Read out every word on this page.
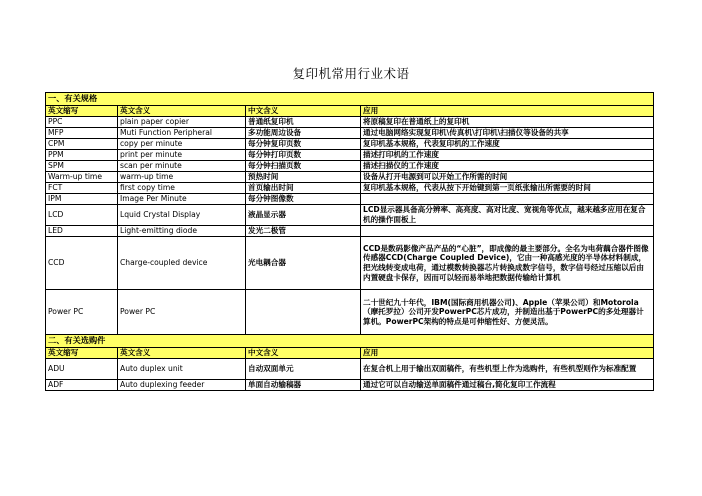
复印机常用行业术语
一、有关规格			
英文缩写	英文含义	中文含义	应用
PPC	plain paper copier	普通纸复印机	将原稿复印在普通纸上的复印机
MFP	Muti Function Peripheral	多功能周边设备	通过电脑网络实现复印机\传真机\打印机\扫描仪等设备的共享
CPM	copy per minute	每分钟复印页数	复印机基本规格，代表复印机的工作速度
PPM	print per minute	每分钟打印页数	描述打印机的工作速度
SPM	scan per minute	每分钟扫描页数	描述扫描仪的工作速度
Warm-up time	warm-up time	预热时间	设备从打开电源到可以开始工作所需的时间
FCT	first copy time	首页输出时间	复印机基本规格，代表从按下开始键到第一页纸张输出所需要的时间
IPM	Image Per Minute	每分钟图像数	
LCD	Lquid Crystal Display	液晶显示器	LCD显示器具备高分辨率、高亮度、高对比度、宽视角等优点，越来越多应用在复合机的操作面板上
LED	Light-emitting diode	发光二极管	
CCD	Charge-coupled device	光电耦合器	CCD是数码影像产品产品的“心脏”，即成像的最主要部分。全名为电荷藕合器件图像传感器CCD(Charge Coupled Device)，它由一种高感光度的半导体材料制成，把光线转变成电荷，通过模数转换器芯片转换成数字信号，数字信号经过压缩以后由内置硬盘卡保存，因而可以轻而易举地把数据传输给计算机
Power PC	Power PC		二十世纪九十年代，IBM(国际商用机器公司)、Apple（苹果公司）和Motorola（摩托罗拉）公司开发PowerPC芯片成功，并制造出基于PowerPC的多处理器计算机。PowerPC架构的特点是可伸缩性好、方便灵活。
二、有关选购件			
英文缩写	英文含义	中文含义	应用
ADU	Auto duplex unit	自动双面单元	在复合机上用于输出双面稿件，有些机型上作为选购件，有些机型则作为标准配置
ADF	Auto duplexing feeder	单面自动输稿器	通过它可以自动输送单面稿件通过稿台,简化复印工作流程
